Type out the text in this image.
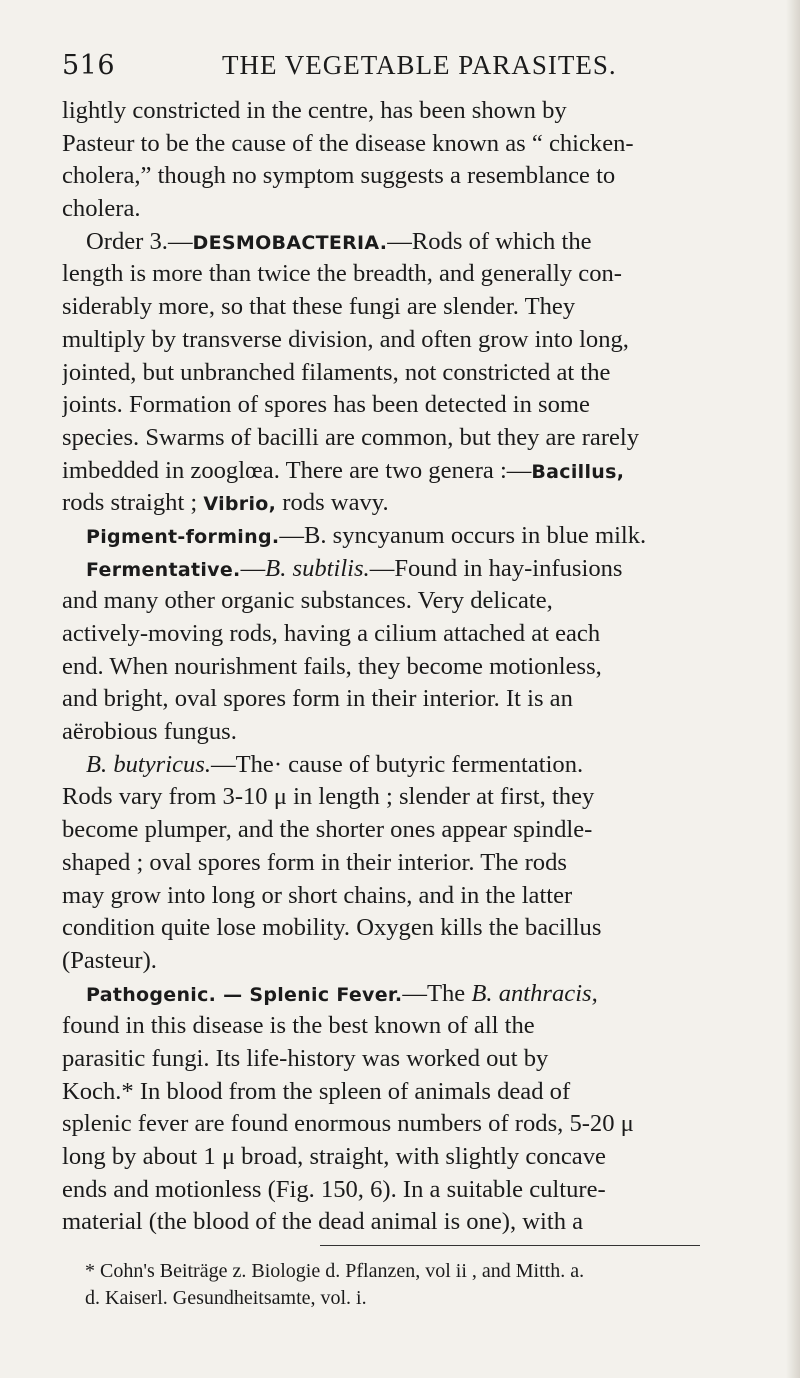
516	THE VEGETABLE PARASITES.
lightly constricted in the centre, has been shown by
Pasteur to be the cause of the disease known as “ chicken-
cholera,” though no symptom suggests a resemblance to
cholera.
Order 3.—DESMOBACTERIA.—Rods of which the
length is more than twice the breadth, and generally con-
siderably more, so that these fungi are slender. They
multiply by transverse division, and often grow into long,
jointed, but unbranched filaments, not constricted at the
joints. Formation of spores has been detected in some
species. Swarms of bacilli are common, but they are rarely
imbedded in zooglœa. There are two genera :—Bacillus,
rods straight ; Vibrio, rods wavy.
Pigment-forming.—B. syncyanum occurs in blue milk.
Fermentative.—B. subtilis.—Found in hay-infusions
and many other organic substances. Very delicate,
actively-moving rods, having a cilium attached at each
end. When nourishment fails, they become motionless,
and bright, oval spores form in their interior. It is an
aërobious fungus.
B. butyricus.—The· cause of butyric fermentation.
Rods vary from 3-10 μ in length ; slender at first, they
become plumper, and the shorter ones appear spindle-
shaped ; oval spores form in their interior. The rods
may grow into long or short chains, and in the latter
condition quite lose mobility. Oxygen kills the bacillus
(Pasteur).
Pathogenic. — Splenic Fever.—The B. anthracis,
found in this disease is the best known of all the
parasitic fungi. Its life-history was worked out by
Koch.* In blood from the spleen of animals dead of
splenic fever are found enormous numbers of rods, 5-20 μ
long by about 1 μ broad, straight, with slightly concave
ends and motionless (Fig. 150, 6). In a suitable culture-
material (the blood of the dead animal is one), with a
* Cohn's Beiträge z. Biologie d. Pflanzen, vol ii , and Mitth. a.
d. Kaiserl. Gesundheitsamte, vol. i.
